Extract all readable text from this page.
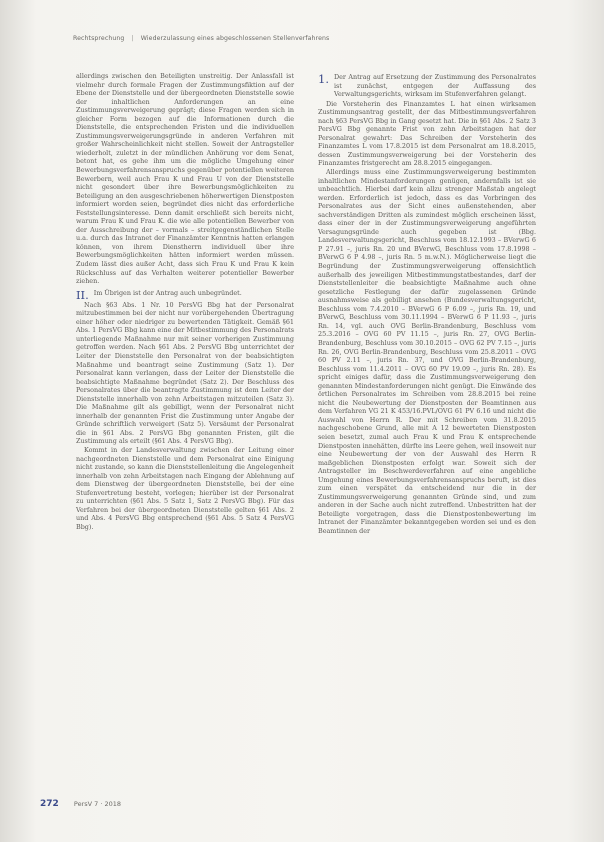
Rechtsprechung | Wiederzulassung eines abgeschlossenen Stellenverfahrens

allerdings zwischen den Beteiligten unstreitig. Der Anlassfall ist vielmehr durch formale Fragen der Zustimmungsfiktion auf der Ebene der Dienststelle und der übergeordneten Dienststelle sowie der inhaltlichen Anforderungen an eine Zustimmungsverweigerung geprägt; diese Fragen werden sich in gleicher Form bezogen auf die Informationen durch die Dienststelle, die entsprechenden Fristen und die individuellen Zustimmungsverweigerungsgründe in anderen Verfahren mit großer Wahrscheinlichkeit nicht stellen. Soweit der Antragsteller wiederholt, zuletzt in der mündlichen Anhörung vor dem Senat, betont hat, es gehe ihm um die mögliche Umgehung einer Bewerbungsverfahrensanspruchs gegenüber potentiellen weiteren Bewerbern, weil auch Frau K und Frau U von der Dienststelle nicht gesondert über ihre Bewerbungsmöglichkeiten zu Beteiligung an den ausgeschriebenen höherwertigen Dienstposten informiert worden seien, begründet dies nicht das erforderliche Feststellungsinteresse. Denn damit erschließt sich bereits nicht, warum Frau K und Frau K. die wie alle potentiellen Bewerber von der Ausschreibung der – vormals – streitgegenständlichen Stelle u.a. durch das Intranet der Finanzämter Kenntnis hatten erlangen können, von ihrem Dienstherrn individuell über ihre Bewerbungsmöglichkeiten hätten informiert werden müssen. Zudem lässt dies außer Acht, dass sich Frau K und Frau K kein Rückschluss auf das Verhalten weiterer potentieller Bewerber ziehen.

II. Im Übrigen ist der Antrag auch unbegründet.

Nach §63 Abs. 1 Nr. 10 PersVG Bbg hat der Personalrat mitzubestimmen bei der nicht nur vorübergehenden Übertragung einer höher oder niedriger zu bewertenden Tätigkeit. Gemäß §61 Abs. 1 PersVG Bbg kann eine der Mitbestimmung des Personalrats unterliegende Maßnahme nur mit seiner vorherigen Zustimmung getroffen werden. Nach §61 Abs. 2 PersVG Bbg unterrichtet der Leiter der Dienststelle den Personalrat von der beabsichtigten Maßnahme und beantragt seine Zustimmung (Satz 1). Der Personalrat kann verlangen, dass der Leiter der Dienststelle die beabsichtigte Maßnahme begründet (Satz 2). Der Beschluss des Personalrates über die beantragte Zustimmung ist dem Leiter der Dienststelle innerhalb von zehn Arbeitstagen mitzuteilen (Satz 3). Die Maßnahme gilt als gebilligt, wenn der Personalrat nicht innerhalb der genannten Frist die Zustimmung unter Angabe der Gründe schriftlich verweigert (Satz 5). Versäumt der Personalrat die in §61 Abs. 2 PersVG Bbg genannten Fristen, gilt die Zustimmung als erteilt (§61 Abs. 4 PersVG Bbg).

Kommt in der Landesverwaltung zwischen der Leitung einer nachgeordneten Dienststelle und dem Personalrat eine Einigung nicht zustande, so kann die Dienststellenleitung die Angelegenheit innerhalb von zehn Arbeitstagen nach Eingang der Ablehnung auf dem Dienstweg der übergeordneten Dienststelle, bei der eine Stufenvertretung besteht, vorlegen; hierüber ist der Personalrat zu unterrichten (§61 Abs. 5 Satz 1, Satz 2 PersVG Bbg). Für das Verfahren bei der übergeordneten Dienststelle gelten §61 Abs. 2 und Abs. 4 PersVG Bbg entsprechend (§61 Abs. 5 Satz 4 PersVG Bbg).

1. Der Antrag auf Ersetzung der Zustimmung des Personalrates ist zunächst, entgegen der Auffassung des Verwaltungsgerichts, wirksam im Stufenverfahren gelangt.

Die Vorsteherin des Finanzamtes L hat einen wirksamen Zustimmungsantrag gestellt, der das Mitbestimmungsverfahren nach §63 PersVG Bbg in Gang gesetzt hat. Die in §61 Abs. 2 Satz 3 PersVG Bbg genannte Frist von zehn Arbeitstagen hat der Personalrat gewahrt: Das Schreiben der Vorsteherin des Finanzamtes L vom 17.8.2015 ist dem Personalrat am 18.8.2015, dessen Zustimmungsverweigerung bei der Vorsteherin des Finanzamtes fristgerecht am 28.8.2015 eingegangen.

Allerdings muss eine Zustimmungsverweigerung bestimmten inhaltlichen Mindestanforderungen genügen, andernfalls ist sie unbeachtlich. Hierbei darf kein allzu strenger Maßstab angelegt werden. Erforderlich ist jedoch, dass es das Vorbringen des Personalrates aus der Sicht eines außenstehenden, aber sachverständigen Dritten als zumindest möglich erscheinen lässt, dass einer der in der Zustimmungsverweigerung angeführten Versagungsgründe auch gegeben ist (Bbg. Landesverwaltungsgericht, Beschluss vom 18.12.1993 – BVerwG 6 P 27.91 –, juris Rn. 20 und BVerwG, Beschluss vom 17.8.1998 – BVerwG 6 P 4.98 –, juris Rn. 5 m.w.N.). Möglicherweise liegt die Begründung der Zustimmungsverweigerung offensichtlich außerhalb des jeweiligen Mitbestimmungstatbestandes, darf der Dienststellenleiter die beabsichtigte Maßnahme auch ohne gesetzliche Festlegung der dafür zugelassenen Gründe ausnahmsweise als gebilligt ansehen (Bundesverwaltungsgericht, Beschluss vom 7.4.2010 – BVerwG 6 P 6.09 –, juris Rn. 19, und BVerwG, Beschluss vom 30.11.1994 – BVerwG 6 P 11.93 –, juris Rn. 14, vgl. auch OVG Berlin-Brandenburg, Beschluss vom 25.3.2016 – OVG 60 PV 11.15 –, juris Rn. 27, OVG Berlin-Brandenburg, Beschluss vom 30.10.2015 – OVG 62 PV 7.15 –, juris Rn. 26, OVG Berlin-Brandenburg, Beschluss vom 25.8.2011 – OVG 60 PV 2.11 –, juris Rn. 37, und OVG Berlin-Brandenburg, Beschluss vom 11.4.2011 – OVG 60 PV 19.09 –, juris Rn. 28). Es spricht einiges dafür, dass die Zustimmungsverweigerung den genannten Mindestanforderungen nicht genügt. Die Einwände des örtlichen Personalrates im Schreiben vom 28.8.2015 bei reine nicht die Neubewertung der Dienstposten der Beamtinnen aus dem Verfahren VG 21 K 453/16.PVL/OVG 61 PV 6.16 und nicht die Auswahl von Herrn R. Der mit Schreiben vom 31.8.2015 nachgeschobene Grund, alle mit A 12 bewerteten Dienstposten seien besetzt, zumal auch Frau K und Frau K entsprechende Dienstposten innehätten, dürfte ins Leere gehen, weil insoweit nur eine Neubewertung der von der Auswahl des Herrn R maßgeblichen Dienstposten erfolgt war. Soweit sich der Antragsteller im Beschwerdeverfahren auf eine angebliche Umgehung eines Bewerbungsverfahrensanspruchs beruft, ist dies zum einen verspätet da entscheidend nur die in der Zustimmungsverweigerung genannten Gründe sind, und zum anderen in der Sache auch nicht zutreffend. Unbestritten hat der Beteiligte vorgetragen, dass die Dienstpostenbewertung im Intranet der Finanzämter bekanntgegeben worden sei und es den Beamtinnen der

272 PersV 7 · 2018
